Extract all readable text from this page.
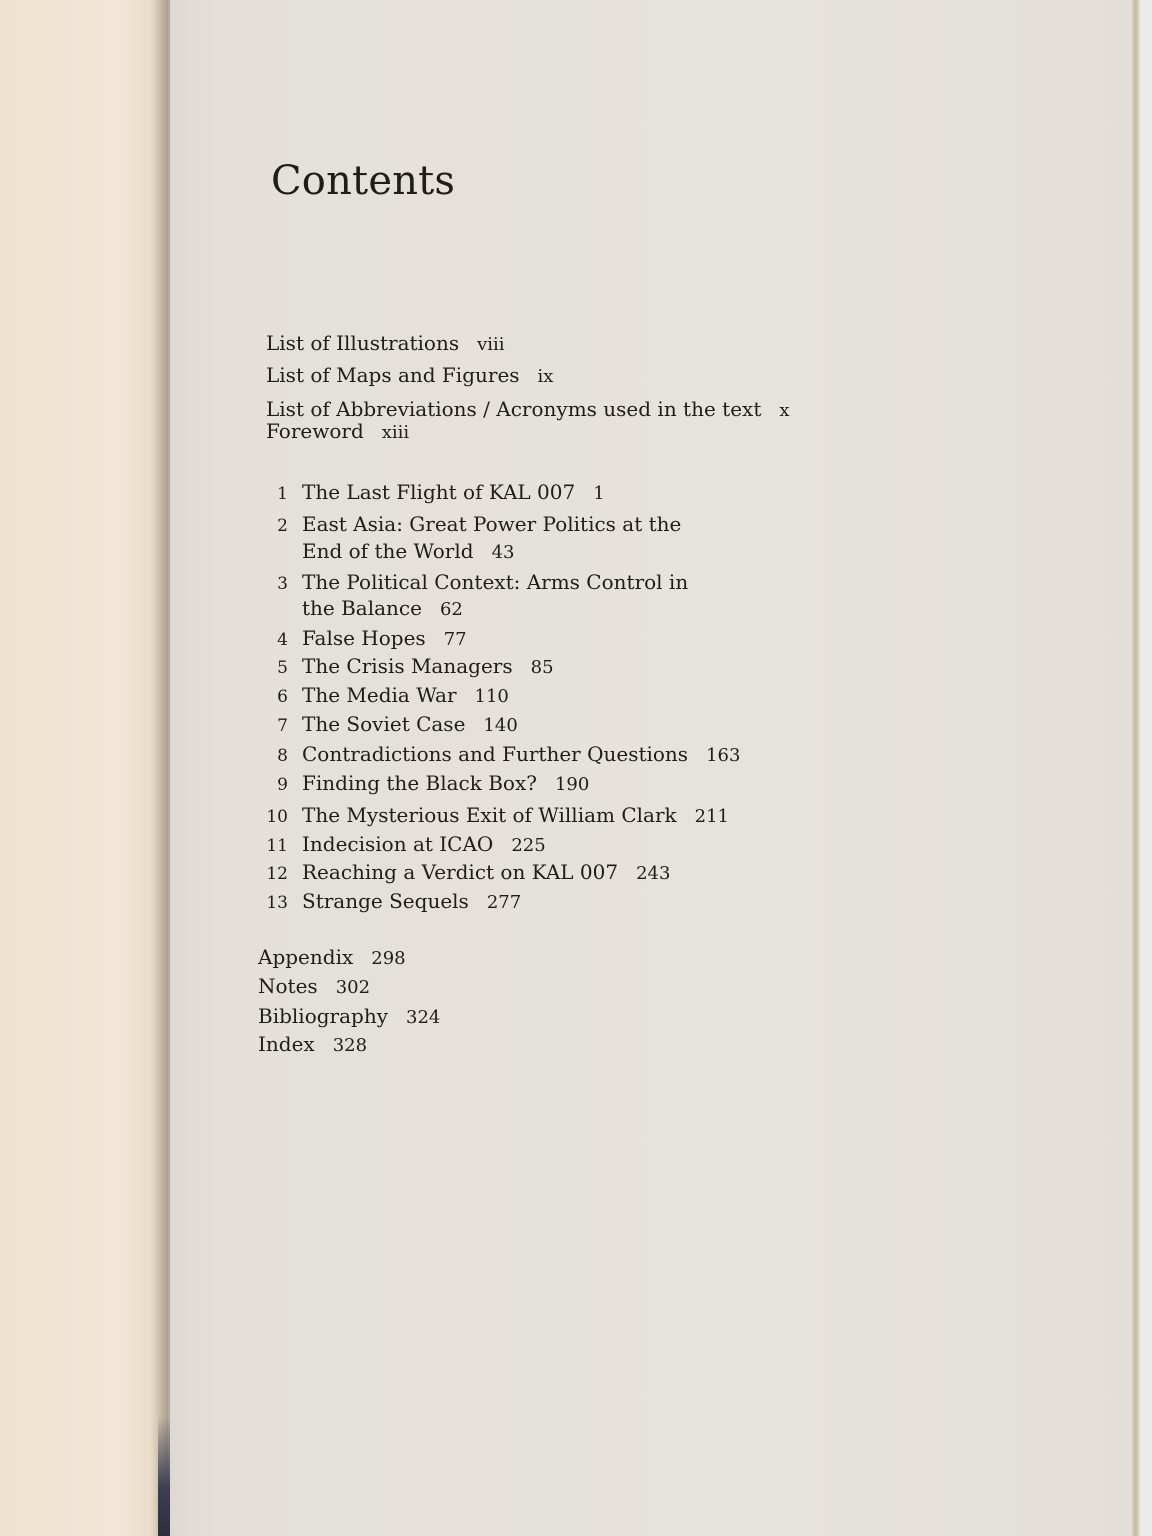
Contents
List of Illustrations viii
List of Maps and Figures ix
List of Abbreviations / Acronyms used in the text x
Foreword xiii
1 The Last Flight of KAL 007 1
2 East Asia: Great Power Politics at the
End of the World 43
3 The Political Context: Arms Control in
the Balance 62
4 False Hopes 77
5 The Crisis Managers 85
6 The Media War 110
7 The Soviet Case 140
8 Contradictions and Further Questions 163
9 Finding the Black Box? 190
10 The Mysterious Exit of William Clark 211
11 Indecision at ICAO 225
12 Reaching a Verdict on KAL 007 243
13 Strange Sequels 277
Appendix 298
Notes 302
Bibliography 324
Index 328
